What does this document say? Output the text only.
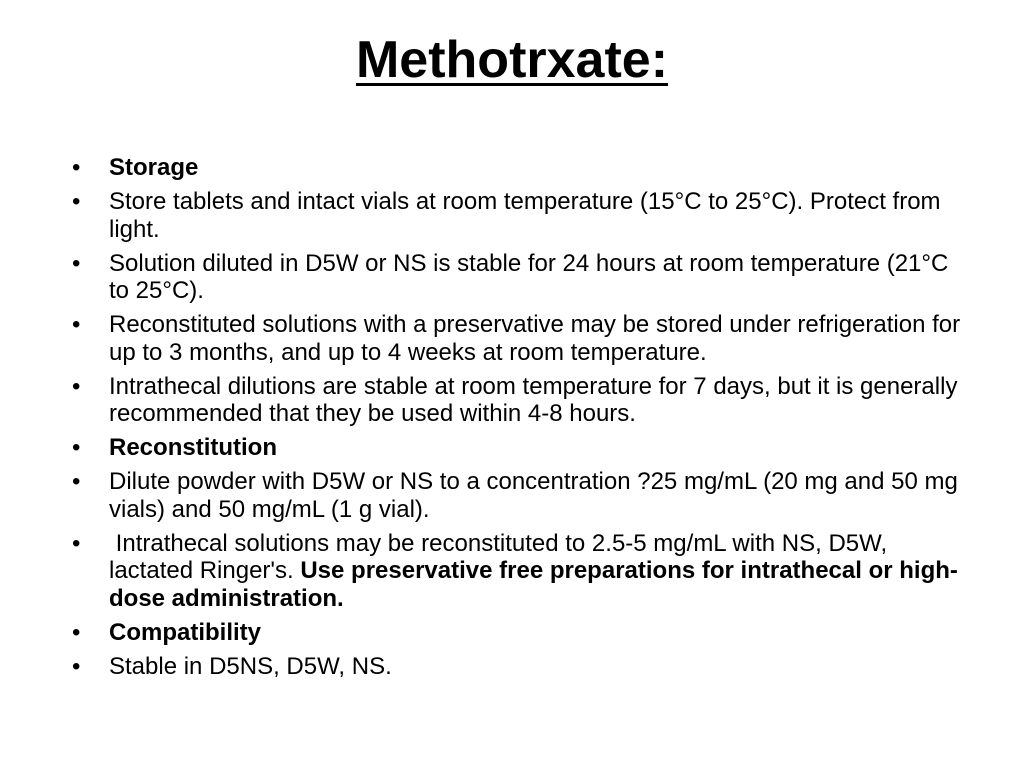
Methotrxate:
•	Storage
•	Store tablets and intact vials at room temperature (15°C to 25°C). Protect from light.
•	Solution diluted in D5W or NS is stable for 24 hours at room temperature (21°C to 25°C).
•	Reconstituted solutions with a preservative may be stored under refrigeration for up to 3 months, and up to 4 weeks at room temperature.
•	Intrathecal dilutions are stable at room temperature for 7 days, but it is generally recommended that they be used within 4-8 hours.
•	Reconstitution
•	Dilute powder with D5W or NS to a concentration ?25 mg/mL (20 mg and 50 mg vials) and 50 mg/mL (1 g vial).
•	Intrathecal solutions may be reconstituted to 2.5-5 mg/mL with NS, D5W, lactated Ringer's. Use preservative free preparations for intrathecal or high-dose administration.
•	Compatibility
•	Stable in D5NS, D5W, NS.
